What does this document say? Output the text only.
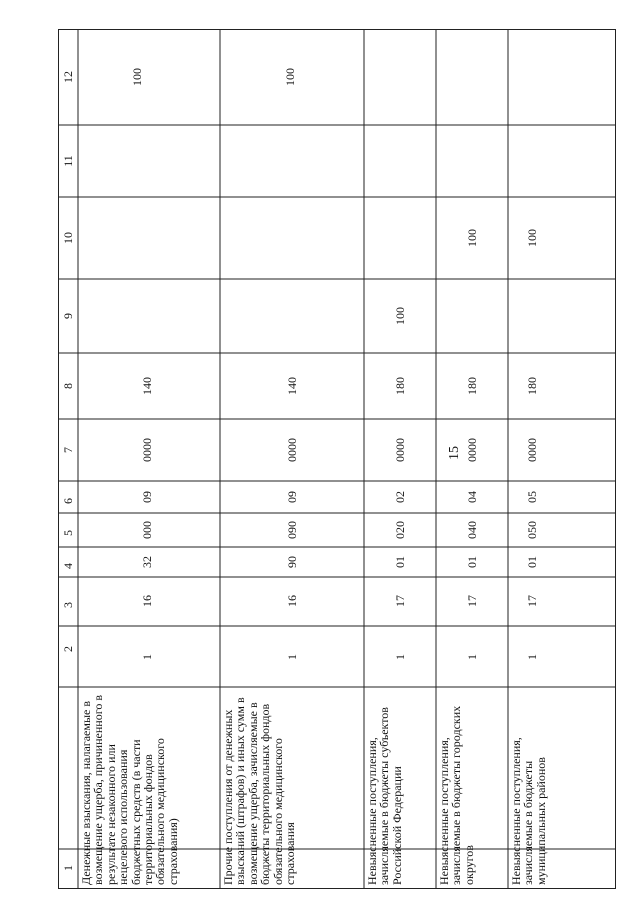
15
1
2
3
4
5
6
7
8
9
10
11
12
Денежные взыскания, налагаемые в возмещение ущерба, причиненного в результате незаконного или нецелевого использования бюджетных средств (в части территориальных фондов обязательного медицинского страхования)
1
16
32
000
09
0000
140
100
Прочие поступления от денежных взысканий (штрафов) и иных сумм в возмещение ущерба, зачисляемые в бюджеты территориальных фондов обязательного медицинского страхования
1
16
90
090
09
0000
140
100
Невыясненные поступления, зачисляемые в бюджеты субъектов Российской Федерации
1
17
01
020
02
0000
180
100
Невыясненные поступления, зачисляемые в бюджеты городских округов
1
17
01
040
04
0000
180
100
Невыясненные поступления, зачисляемые в бюджеты муниципальных районов
1
17
01
050
05
0000
180
100
